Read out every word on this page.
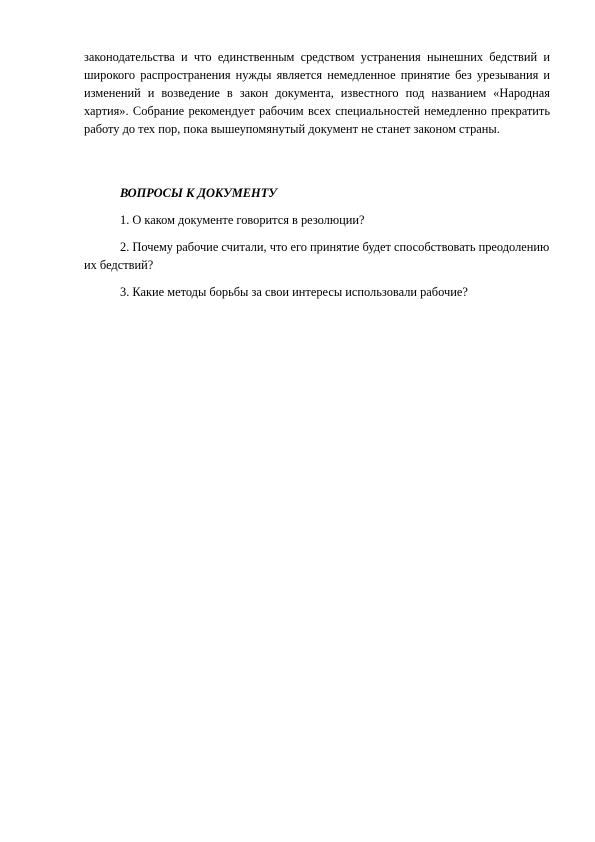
законодательства и что единственным средством устранения нынешних бедствий и широкого распространения нужды является немедленное принятие без урезывания и изменений и возведение в закон документа, известного под названием «Народная хартия». Собрание рекомендует рабочим всех специальностей немедленно прекратить работу до тех пор, пока вышеупомянутый документ не станет законом страны.

ВОПРОСЫ К ДОКУМЕНТУ

1. О каком документе говорится в резолюции?

2. Почему рабочие считали, что его принятие будет способствовать преодолению их бедствий?

3. Какие методы борьбы за свои интересы использовали рабочие?
